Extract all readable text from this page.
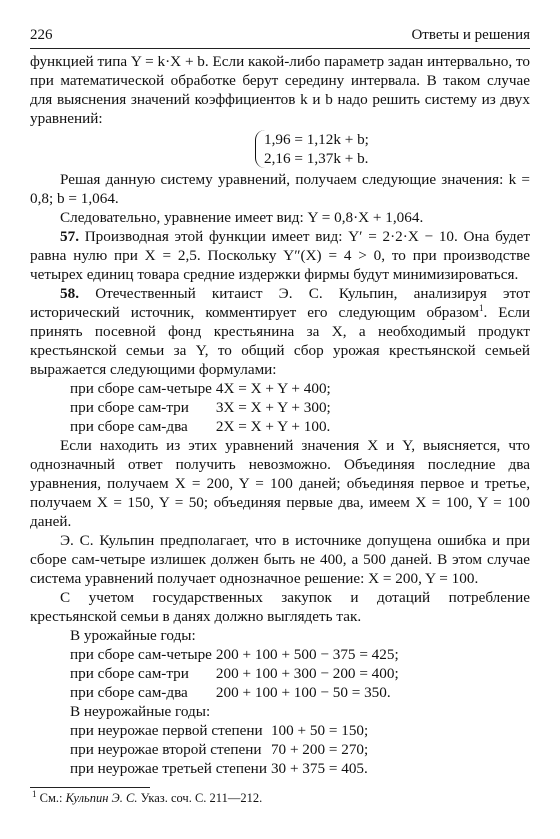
226	Ответы и решения

функцией типа Y = k·X + b. Если какой-либо параметр задан интервально, то при математической обработке берут середину интервала. В таком случае для выяснения значений коэффициентов k и b надо решить систему из двух уравнений:

1,96 = 1,12k + b;
2,16 = 1,37k + b.

Решая данную систему уравнений, получаем следующие значения: k = 0,8; b = 1,064.

Следовательно, уравнение имеет вид: Y = 0,8·X + 1,064.

57. Производная этой функции имеет вид: Y′ = 2·2·X − 10. Она будет равна нулю при X = 2,5. Поскольку Y″(X) = 4 > 0, то при производстве четырех единиц товара средние издержки фирмы будут минимизироваться.

58. Отечественный китаист Э. С. Кульпин, анализируя этот исторический источник, комментирует его следующим образом$^1$. Если принять посевной фонд крестьянина за X, а необходимый продукт крестьянской семьи за Y, то общий сбор урожая крестьянской семьей выражается следующими формулами:

при сборе сам-четыре 4X = X + Y + 400;
при сборе сам-три	3X = X + Y + 300;
при сборе сам-два	2X = X + Y + 100.

Если находить из этих уравнений значения X и Y, выясняется, что однозначный ответ получить невозможно. Объединяя последние два уравнения, получаем X = 200, Y = 100 даней; объединяя первое и третье, получаем X = 150, Y = 50; объединяя первые два, имеем X = 100, Y = 100 даней.

Э. С. Кульпин предполагает, что в источнике допущена ошибка и при сборе сам-четыре излишек должен быть не 400, а 500 даней. В этом случае система уравнений получает однозначное решение: X = 200, Y = 100.

С учетом государственных закупок и дотаций потребление крестьянской семьи в данях должно выглядеть так.

В урожайные годы:
при сборе сам-четыре 200 + 100 + 500 − 375 = 425;
при сборе сам-три	200 + 100 + 300 − 200 = 400;
при сборе сам-два	200 + 100 + 100 − 50 = 350.
В неурожайные годы:
при неурожае первой степени 100 + 50 = 150;
при неурожае второй степени 70 + 200 = 270;
при неурожае третьей степени 30 + 375 = 405.
$^1$ См.: Кульпин Э. С. Указ. соч. С. 211—212.
